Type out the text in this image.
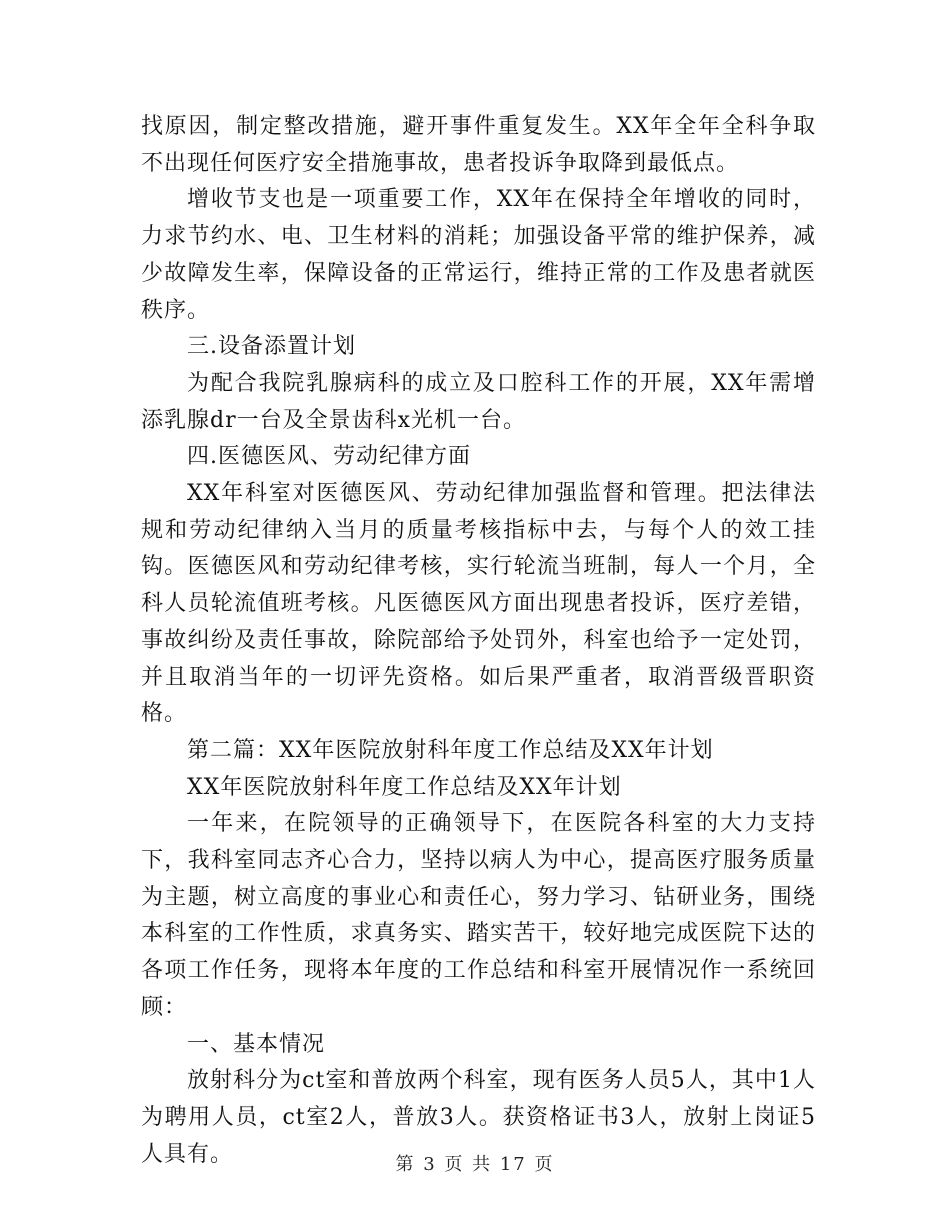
找原因，制定整改措施，避开事件重复发生。XX年全年全科争取不出现任何医疗安全措施事故，患者投诉争取降到最低点。

增收节支也是一项重要工作，XX年在保持全年增收的同时，力求节约水、电、卫生材料的消耗；加强设备平常的维护保养，减少故障发生率，保障设备的正常运行，维持正常的工作及患者就医秩序。

三.设备添置计划

为配合我院乳腺病科的成立及口腔科工作的开展，XX年需增添乳腺dr一台及全景齿科x光机一台。

四.医德医风、劳动纪律方面

XX年科室对医德医风、劳动纪律加强监督和管理。把法律法规和劳动纪律纳入当月的质量考核指标中去，与每个人的效工挂钩。医德医风和劳动纪律考核，实行轮流当班制，每人一个月，全科人员轮流值班考核。凡医德医风方面出现患者投诉，医疗差错，事故纠纷及责任事故，除院部给予处罚外，科室也给予一定处罚，并且取消当年的一切评先资格。如后果严重者，取消晋级晋职资格。

第二篇：XX年医院放射科年度工作总结及XX年计划

XX年医院放射科年度工作总结及XX年计划

一年来，在院领导的正确领导下，在医院各科室的大力支持下，我科室同志齐心合力，坚持以病人为中心，提高医疗服务质量为主题，树立高度的事业心和责任心，努力学习、钻研业务，围绕本科室的工作性质，求真务实、踏实苦干，较好地完成医院下达的各项工作任务，现将本年度的工作总结和科室开展情况作一系统回顾：

一、基本情况

放射科分为ct室和普放两个科室，现有医务人员5人，其中1人为聘用人员，ct室2人，普放3人。获资格证书3人，放射上岗证5人具有。	第 3 页 共 17 页
